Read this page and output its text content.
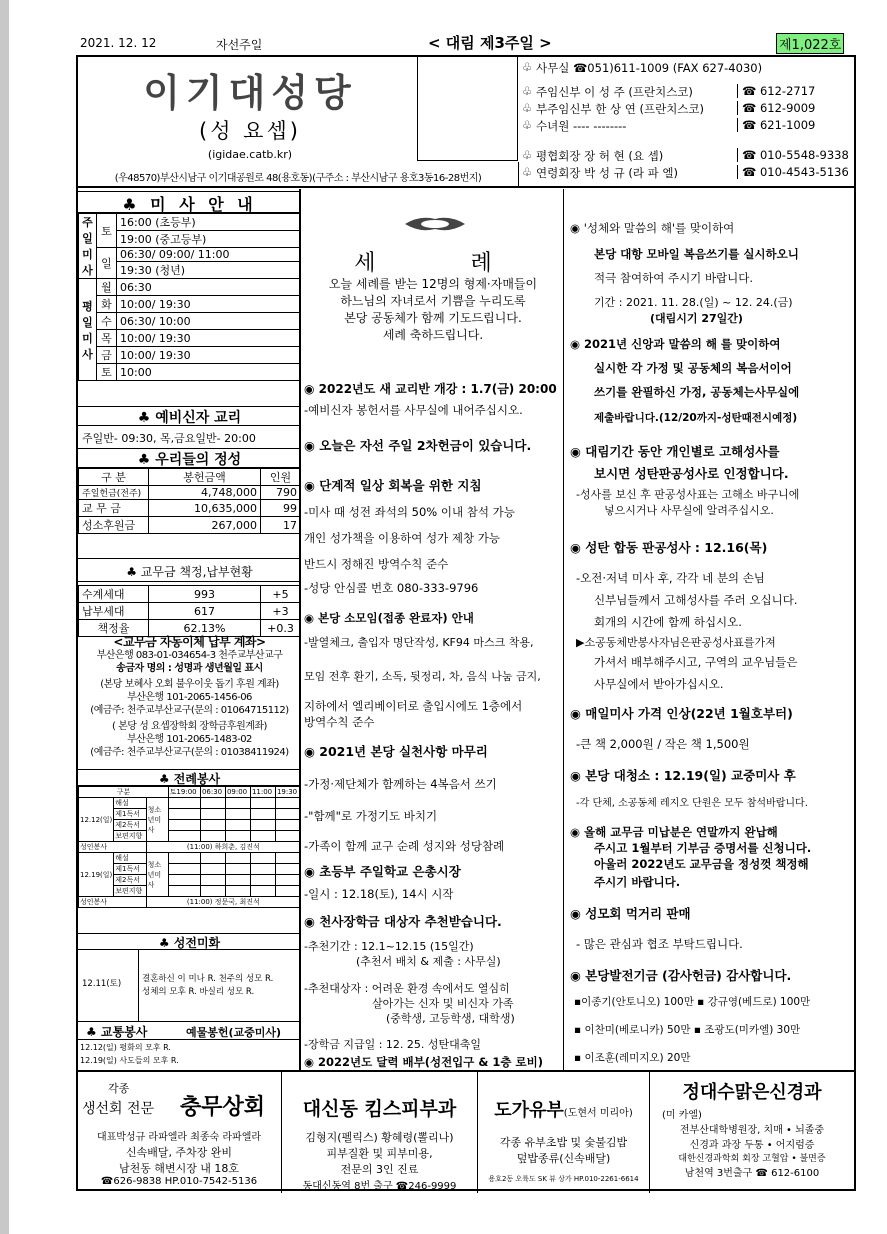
2021. 12. 12	자선주일	< 대림 제3주일 >	제1,022호
이기대성당
(성 요셉)
(igidae.catb.kr)
(우48570)부산시남구 이기대공원로 48(용호동)(구주소 : 부산시남구 용호3동16-28번지)
♧ 사무실 ☎051)611-1009 (FAX 627-4030)
♧ 주임신부 이 성 주 (프란치스코)	☎ 612-2717
♧ 부주임신부 한 상 연 (프란치스코)	☎ 612-9009
♧ 수녀원 ---- --------	☎ 621-1009
♧ 평협회장 장 허 현 (요 셉)	☎ 010-5548-9338
♧ 연령회장 박 성 규 (라 파 엘)	☎ 010-4543-5136
♣ 미 사 안 내
주일미사	토	16:00 (초등부)
		19:00 (중고등부)
	일	06:30/ 09:00/ 11:00
		19:30 (청년)
평일미사	월	06:30
	화	10:00/ 19:30
	수	06:30/ 10:00
	목	10:00/ 19:30
	금	10:00/ 19:30
	토	10:00
♣ 예비신자 교리
주일반- 09:30, 목,금요일반- 20:00
♣ 우리들의 정성
구 분	봉헌금액	인원
주일헌금(전주)	4,748,000	790
교 무 금	10,635,000	99
성소후원금	267,000	17
♣ 교무금 책정,납부현황
수계세대	993	+5
납부세대	617	+3
책정율	62.13%	+0.3
<교무금 자동이체 납부 계좌>
부산은행 083-01-034654-3 천주교부산교구
송금자 명의 : 성명과 생년월일 표시
(본당 보혜사 오회 불우이웃 돕기 후원 계좌)
부산은행 101-2065-1456-06
(예금주: 천주교부산교구(문의 : 01064715112)
( 본당 성 요셉장학회 장학금후원계좌)
부산은행 101-2065-1483-02
(예금주: 천주교부산교구(문의 : 01038411924)
♣ 전례봉사
구분			토19:00	06:30	09:00	11:00	19:30
12.12(일)	해설	청소년미사					
	제1독서						
	제2독서						
	보편지향						
성인봉사		(11:00) 하희춘, 김진석					
12.19(일)	해설	청소년미사					
	제1독서						
	제2독서						
	보편지향						
성인봉사		(11:00) 정문국, 최진석					
♣ 성전미화
12.11(토) 결혼하신 이 미나 R. 천주의 성모 R.
성체의 모후 R. 바실리 성모 R.
♣ 교통봉사	예물봉헌(교중미사)
12.12(일) 평화의 모후 R.
12.19(일) 사도들의 모후 R.
세 례
오늘 세례를 받는 12명의 형제·자매들이
하느님의 자녀로서 기쁨을 누리도록
본당 공동체가 함께 기도드립니다.
세례 축하드립니다.
◉ 2022년도 새 교리반 개강 : 1.7(금) 20:00
-예비신자 봉헌서를 사무실에 내어주십시오.
◉ 오늘은 자선 주일 2차헌금이 있습니다.
◉ 단계적 일상 회복을 위한 지침
-미사 때 성전 좌석의 50% 이내 참석 가능
개인 성가책을 이용하여 성가 제창 가능
반드시 정해진 방역수칙 준수
-성당 안심콜 번호 080-333-9796
◉ 본당 소모임(접종 완료자) 안내
-발열체크, 출입자 명단작성, KF94 마스크 착용,
모임 전후 환기, 소독, 뒷정리, 차, 음식 나눔 금지,
지하에서 엘리베이터로 출입시에도 1층에서
방역수칙 준수
◉ 2021년 본당 실천사항 마무리
-가정·제단체가 함께하는 4복음서 쓰기
-"함께"로 가정기도 바치기
-가족이 함께 교구 순례 성지와 성당참례
◉ 초등부 주일학교 은총시장
-일시 : 12.18(토), 14시 시작
◉ 천사장학금 대상자 추천받습니다.
-추천기간 : 12.1~12.15 (15일간)
(추천서 배치 & 제출 : 사무실)
-추천대상자 : 어려운 환경 속에서도 열심히
살아가는 신자 및 비신자 가족
(중학생, 고등학생, 대학생)
-장학금 지급일 : 12. 25. 성탄대축일
◉ 2022년도 달력 배부(성전입구 & 1층 로비)
◉ '성체와 말씀의 해'를 맞이하여
본당 대항 모바일 복음쓰기를 실시하오니
적극 참여하여 주시기 바랍니다.
기간 : 2021. 11. 28.(일) ~ 12. 24.(금)
(대림시기 27일간)
◉ 2021년 신앙과 말씀의 해 를 맞이하여
실시한 각 가정 및 공동체의 복음서이어
쓰기를 완필하신 가정, 공동체는사무실에
제출바랍니다.(12/20까지-성탄때전시예정)
◉ 대림기간 동안 개인별로 고해성사를
보시면 성탄판공성사로 인정합니다.
-성사를 보신 후 판공성사표는 고해소 바구니에
넣으시거나 사무실에 알려주십시오.
◉ 성탄 합동 판공성사 : 12.16(목)
-오전·저녁 미사 후, 각각 네 분의 손님
신부님들께서 고해성사를 주러 오십니다.
회개의 시간에 함께 하십시오.
▶소공동체반봉사자님은판공성사표를가져
가셔서 배부해주시고, 구역의 교우님들은
사무실에서 받아가십시오.
◉ 매일미사 가격 인상(22년 1월호부터)
-큰 책 2,000원 / 작은 책 1,500원
◉ 본당 대청소 : 12.19(일) 교중미사 후
-각 단체, 소공동체 레지오 단원은 모두 참석바랍니다.
◉ 올해 교무금 미납분은 연말까지 완납해
주시고 1월부터 기부금 증명서를 신청니다.
아울러 2022년도 교무금을 정성껏 책정해
주시기 바랍니다.
◉ 성모회 먹거리 판매
- 많은 관심과 협조 부탁드립니다.
◉ 본당발전기금 (감사헌금) 감사합니다.
▪이종기(안토니오) 100만 ▪ 강규영(베드로) 100만
▪ 이찬미(베로니카) 50만 ▪ 조광도(미카엘) 30만
▪ 이조훈(레미지오) 20만
각종
생선회 전문 충무상회
대표박성규 라파엘라 최종숙 라파엘라
신속배달, 주차장 완비
남천동 해변시장 내 18호
☎626-9838 HP.010-7542-5136
대신동 킴스피부과
김형지(펠릭스) 황혜령(뽈리나)
피부질환 및 피부미용,
전문의 3인 진료
동대신동역 8번 출구 ☎246-9999
도가유부(도현서 미리아)
각종 유부초밥 및 숯불김밥
덮밥종류(신속배달)
용호2동 오륙도 SK 뷰 상가 HP.010-2261-6614
정대수맑은신경과
(미 카엘)
전부산대학병원장, 치매 • 뇌졸중
신경과 과장 두통 • 어지럼증
대한신경과학회 회장 고혈압 • 불면증
남천역 3번출구 ☎ 612-6100
